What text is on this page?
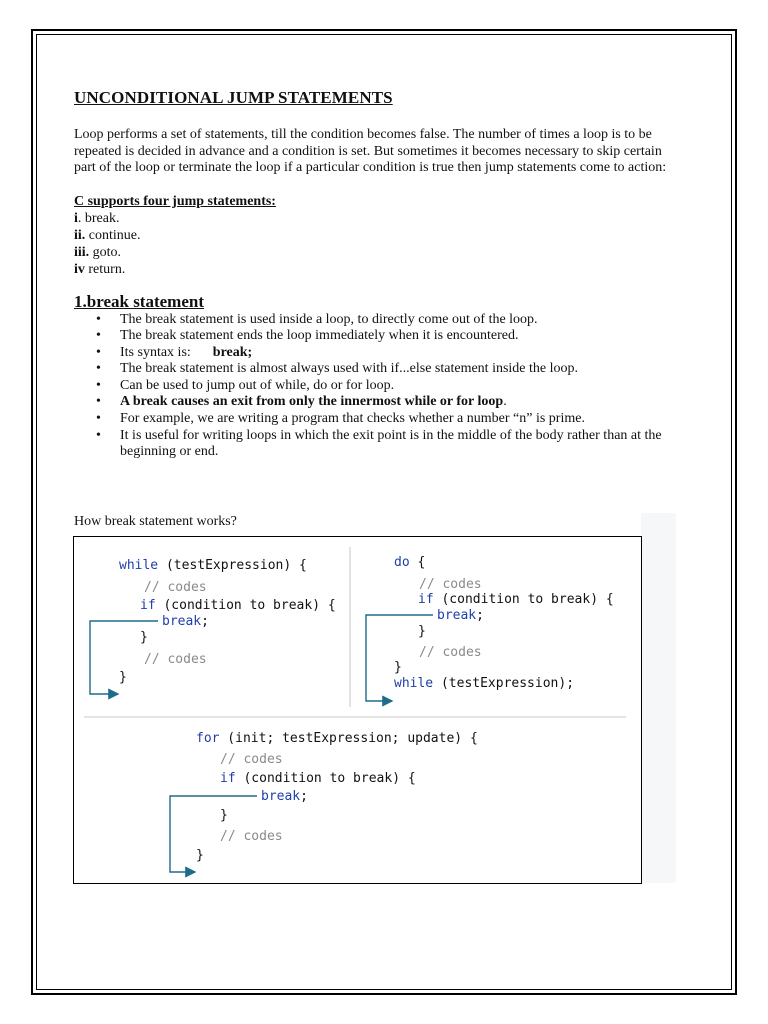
UNCONDITIONAL JUMP STATEMENTS

Loop performs a set of statements, till the condition becomes false. The number of times a loop is to be repeated is decided in advance and a condition is set. But sometimes it becomes necessary to skip certain part of the loop or terminate the loop if a particular condition is true then jump statements come to action:

C supports four jump statements:
i. break.
ii. continue.
iii. goto.
iv return.
1.break statement
• The break statement is used inside a loop, to directly come out of the loop.
• The break statement ends the loop immediately when it is encountered.
• Its syntax is: break;
• The break statement is almost always used with if...else statement inside the loop.
• Can be used to jump out of while, do or for loop.
• A break causes an exit from only the innermost while or for loop.
• For example, we are writing a program that checks whether a number “n” is prime.
• It is useful for writing loops in which the exit point is in the middle of the body rather than at the beginning or end.
How break statement works?
while (testExpression) {
// codes
if (condition to break) {
break;
}
// codes
}
do {
// codes
if (condition to break) {
break;
}
// codes
}
while (testExpression);
for (init; testExpression; update) {
// codes
if (condition to break) {
break;
}
// codes
}
